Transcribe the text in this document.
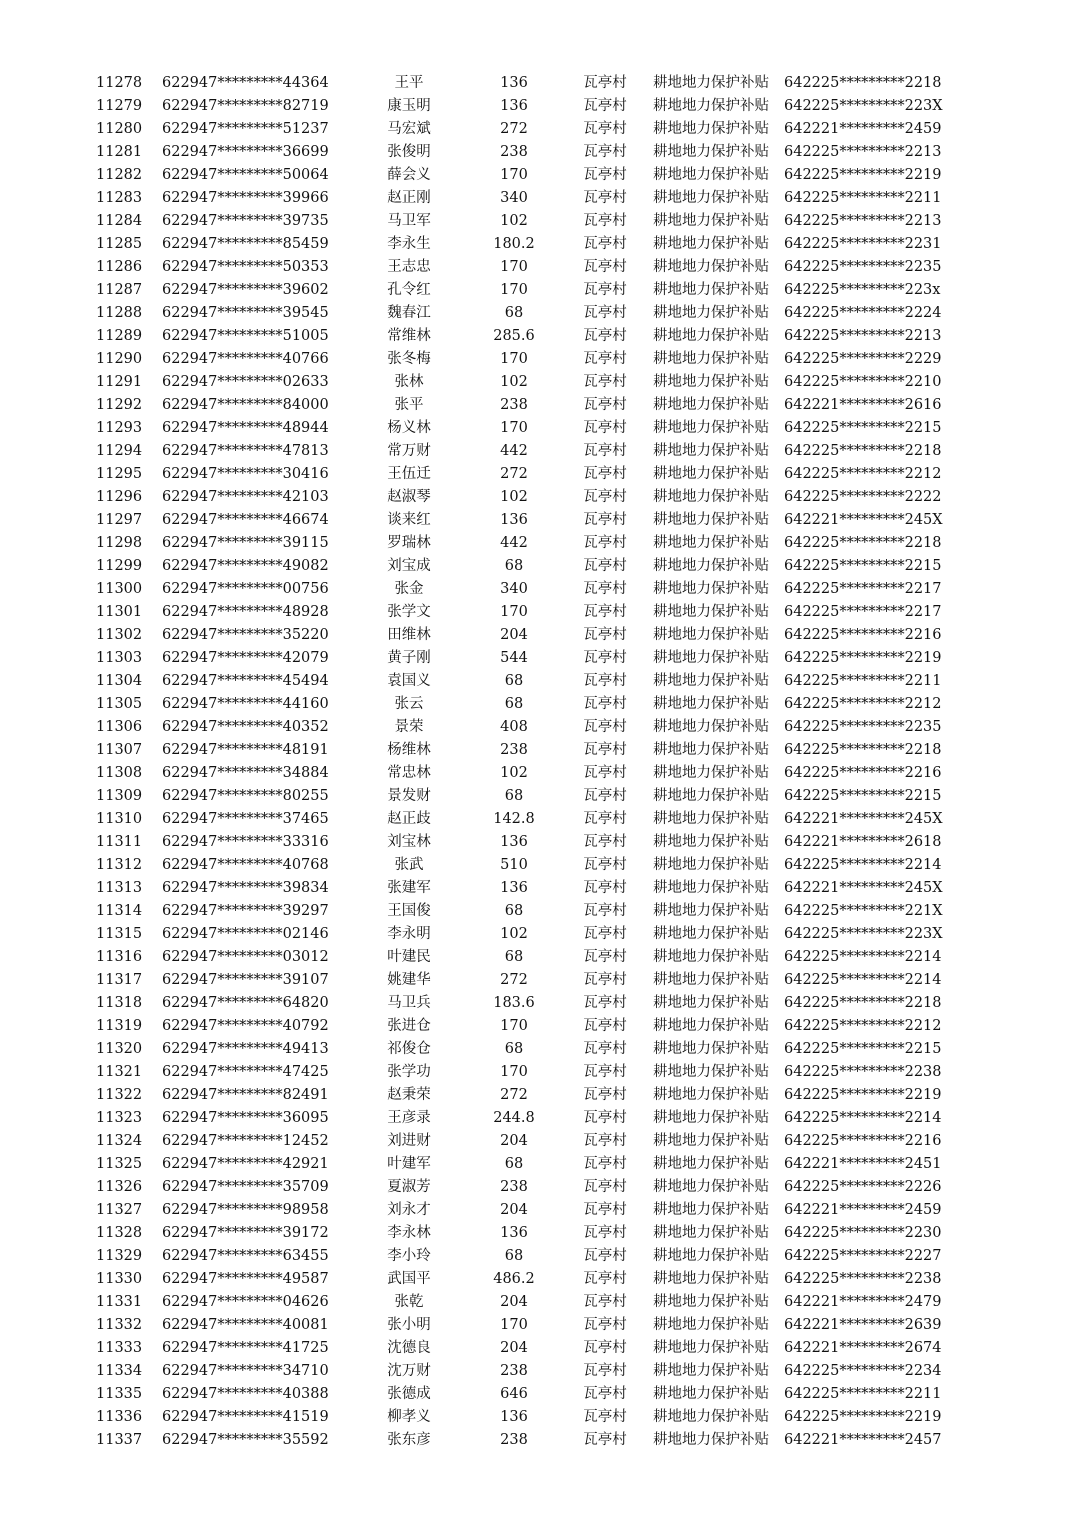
11278	622947*********44364	王平	136	瓦亭村	耕地地力保护补贴	642225*********2218
11279	622947*********82719	康玉明	136	瓦亭村	耕地地力保护补贴	642225*********223X
11280	622947*********51237	马宏斌	272	瓦亭村	耕地地力保护补贴	642221*********2459
11281	622947*********36699	张俊明	238	瓦亭村	耕地地力保护补贴	642225*********2213
11282	622947*********50064	薛会义	170	瓦亭村	耕地地力保护补贴	642225*********2219
11283	622947*********39966	赵正刚	340	瓦亭村	耕地地力保护补贴	642225*********2211
11284	622947*********39735	马卫军	102	瓦亭村	耕地地力保护补贴	642225*********2213
11285	622947*********85459	李永生	180.2	瓦亭村	耕地地力保护补贴	642225*********2231
11286	622947*********50353	王志忠	170	瓦亭村	耕地地力保护补贴	642225*********2235
11287	622947*********39602	孔令红	170	瓦亭村	耕地地力保护补贴	642225*********223x
11288	622947*********39545	魏春江	68	瓦亭村	耕地地力保护补贴	642225*********2224
11289	622947*********51005	常维林	285.6	瓦亭村	耕地地力保护补贴	642225*********2213
11290	622947*********40766	张冬梅	170	瓦亭村	耕地地力保护补贴	642225*********2229
11291	622947*********02633	张林	102	瓦亭村	耕地地力保护补贴	642225*********2210
11292	622947*********84000	张平	238	瓦亭村	耕地地力保护补贴	642221*********2616
11293	622947*********48944	杨义林	170	瓦亭村	耕地地力保护补贴	642225*********2215
11294	622947*********47813	常万财	442	瓦亭村	耕地地力保护补贴	642225*********2218
11295	622947*********30416	王伍迁	272	瓦亭村	耕地地力保护补贴	642225*********2212
11296	622947*********42103	赵淑琴	102	瓦亭村	耕地地力保护补贴	642225*********2222
11297	622947*********46674	谈来红	136	瓦亭村	耕地地力保护补贴	642221*********245X
11298	622947*********39115	罗瑞林	442	瓦亭村	耕地地力保护补贴	642225*********2218
11299	622947*********49082	刘宝成	68	瓦亭村	耕地地力保护补贴	642225*********2215
11300	622947*********00756	张金	340	瓦亭村	耕地地力保护补贴	642225*********2217
11301	622947*********48928	张学文	170	瓦亭村	耕地地力保护补贴	642225*********2217
11302	622947*********35220	田维林	204	瓦亭村	耕地地力保护补贴	642225*********2216
11303	622947*********42079	黄子刚	544	瓦亭村	耕地地力保护补贴	642225*********2219
11304	622947*********45494	袁国义	68	瓦亭村	耕地地力保护补贴	642225*********2211
11305	622947*********44160	张云	68	瓦亭村	耕地地力保护补贴	642225*********2212
11306	622947*********40352	景荣	408	瓦亭村	耕地地力保护补贴	642225*********2235
11307	622947*********48191	杨维林	238	瓦亭村	耕地地力保护补贴	642225*********2218
11308	622947*********34884	常忠林	102	瓦亭村	耕地地力保护补贴	642225*********2216
11309	622947*********80255	景发财	68	瓦亭村	耕地地力保护补贴	642225*********2215
11310	622947*********37465	赵正歧	142.8	瓦亭村	耕地地力保护补贴	642221*********245X
11311	622947*********33316	刘宝林	136	瓦亭村	耕地地力保护补贴	642221*********2618
11312	622947*********40768	张武	510	瓦亭村	耕地地力保护补贴	642225*********2214
11313	622947*********39834	张建军	136	瓦亭村	耕地地力保护补贴	642221*********245X
11314	622947*********39297	王国俊	68	瓦亭村	耕地地力保护补贴	642225*********221X
11315	622947*********02146	李永明	102	瓦亭村	耕地地力保护补贴	642225*********223X
11316	622947*********03012	叶建民	68	瓦亭村	耕地地力保护补贴	642225*********2214
11317	622947*********39107	姚建华	272	瓦亭村	耕地地力保护补贴	642225*********2214
11318	622947*********64820	马卫兵	183.6	瓦亭村	耕地地力保护补贴	642225*********2218
11319	622947*********40792	张进仓	170	瓦亭村	耕地地力保护补贴	642225*********2212
11320	622947*********49413	祁俊仓	68	瓦亭村	耕地地力保护补贴	642225*********2215
11321	622947*********47425	张学功	170	瓦亭村	耕地地力保护补贴	642225*********2238
11322	622947*********82491	赵秉荣	272	瓦亭村	耕地地力保护补贴	642225*********2219
11323	622947*********36095	王彦录	244.8	瓦亭村	耕地地力保护补贴	642225*********2214
11324	622947*********12452	刘进财	204	瓦亭村	耕地地力保护补贴	642225*********2216
11325	622947*********42921	叶建军	68	瓦亭村	耕地地力保护补贴	642221*********2451
11326	622947*********35709	夏淑芳	238	瓦亭村	耕地地力保护补贴	642225*********2226
11327	622947*********98958	刘永才	204	瓦亭村	耕地地力保护补贴	642221*********2459
11328	622947*********39172	李永林	136	瓦亭村	耕地地力保护补贴	642225*********2230
11329	622947*********63455	李小玲	68	瓦亭村	耕地地力保护补贴	642225*********2227
11330	622947*********49587	武国平	486.2	瓦亭村	耕地地力保护补贴	642225*********2238
11331	622947*********04626	张乾	204	瓦亭村	耕地地力保护补贴	642221*********2479
11332	622947*********40081	张小明	170	瓦亭村	耕地地力保护补贴	642221*********2639
11333	622947*********41725	沈德良	204	瓦亭村	耕地地力保护补贴	642221*********2674
11334	622947*********34710	沈万财	238	瓦亭村	耕地地力保护补贴	642225*********2234
11335	622947*********40388	张德成	646	瓦亭村	耕地地力保护补贴	642225*********2211
11336	622947*********41519	柳孝义	136	瓦亭村	耕地地力保护补贴	642225*********2219
11337	622947*********35592	张东彦	238	瓦亭村	耕地地力保护补贴	642221*********2457
